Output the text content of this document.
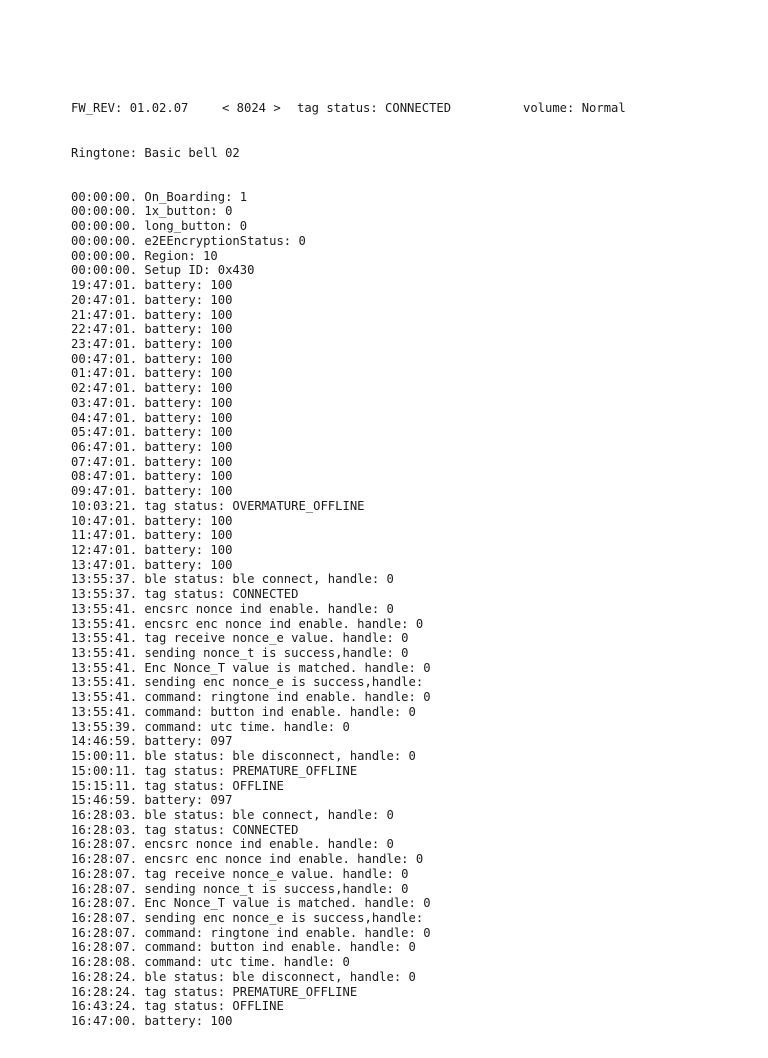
FW_REV: 01.02.07

	< 8024 >

tag status: CONNECTED

	volume: Normal

Ringtone: Basic bell 02

00:00:00. On_Boarding: 1
00:00:00. 1x_button: 0
00:00:00. long_button: 0
00:00:00. e2EEncryptionStatus: 0
00:00:00. Region: 10
00:00:00. Setup ID: 0x430
19:47:01. battery: 100
20:47:01. battery: 100
21:47:01. battery: 100
22:47:01. battery: 100
23:47:01. battery: 100
00:47:01. battery: 100
01:47:01. battery: 100
02:47:01. battery: 100
03:47:01. battery: 100
04:47:01. battery: 100
05:47:01. battery: 100
06:47:01. battery: 100
07:47:01. battery: 100
08:47:01. battery: 100
09:47:01. battery: 100
10:03:21. tag status: OVERMATURE_OFFLINE
10:47:01. battery: 100
11:47:01. battery: 100
12:47:01. battery: 100
13:47:01. battery: 100
13:55:37. ble status: ble connect, handle: 0
13:55:37. tag status: CONNECTED
13:55:41. encsrc nonce ind enable. handle: 0
13:55:41. encsrc enc nonce ind enable. handle: 0
13:55:41. tag receive nonce_e value. handle: 0
13:55:41. sending nonce_t is success,handle: 0
13:55:41. Enc Nonce_T value is matched. handle: 0
13:55:41. sending enc nonce_e is success,handle:
13:55:41. command: ringtone ind enable. handle: 0
13:55:41. command: button ind enable. handle: 0
13:55:39. command: utc time. handle: 0
14:46:59. battery: 097
15:00:11. ble status: ble disconnect, handle: 0
15:00:11. tag status: PREMATURE_OFFLINE
15:15:11. tag status: OFFLINE
15:46:59. battery: 097
16:28:03. ble status: ble connect, handle: 0
16:28:03. tag status: CONNECTED
16:28:07. encsrc nonce ind enable. handle: 0
16:28:07. encsrc enc nonce ind enable. handle: 0
16:28:07. tag receive nonce_e value. handle: 0
16:28:07. sending nonce_t is success,handle: 0
16:28:07. Enc Nonce_T value is matched. handle: 0
16:28:07. sending enc nonce_e is success,handle:
16:28:07. command: ringtone ind enable. handle: 0
16:28:07. command: button ind enable. handle: 0
16:28:08. command: utc time. handle: 0
16:28:24. ble status: ble disconnect, handle: 0
16:28:24. tag status: PREMATURE_OFFLINE
16:43:24. tag status: OFFLINE
16:47:00. battery: 100
